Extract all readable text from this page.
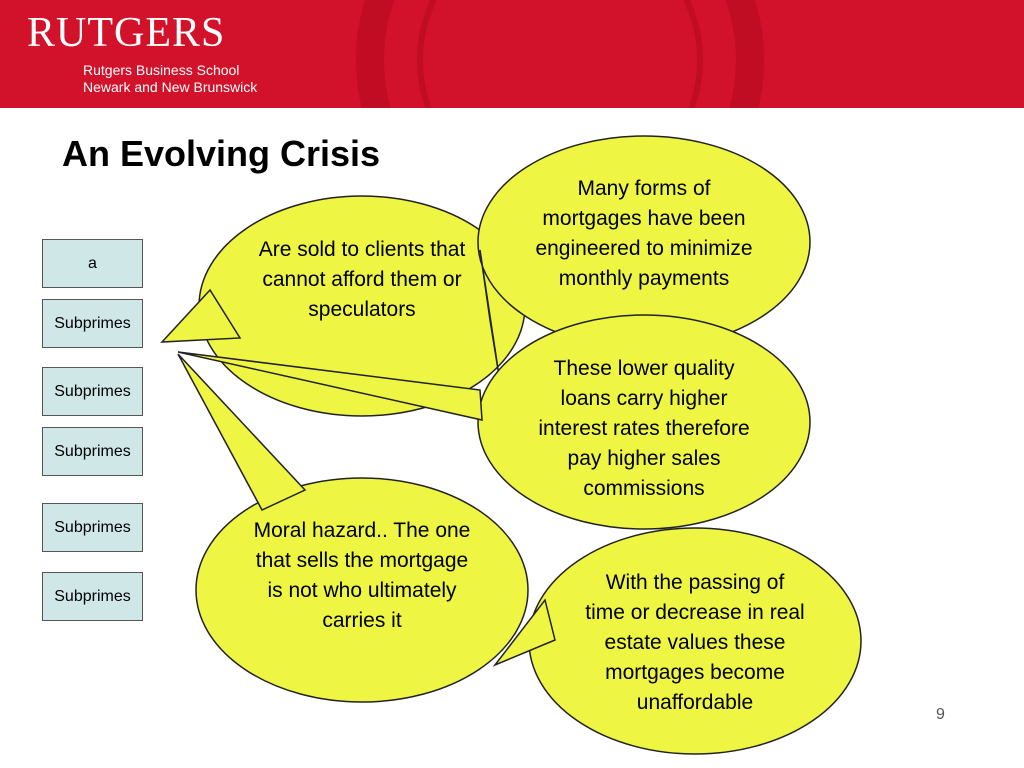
RUTGERS
Rutgers Business School
Newark and New Brunswick
An Evolving Crisis
a
Subprimes
Subprimes
Subprimes
Subprimes
Subprimes
Are sold to clients that cannot afford them or speculators
Many forms of mortgages have been engineered to minimize monthly payments
These lower quality loans carry higher interest rates therefore pay higher sales commissions
Moral hazard.. The one that sells the mortgage is not who ultimately carries it
With the passing of time or decrease in real estate values these mortgages become unaffordable
9
